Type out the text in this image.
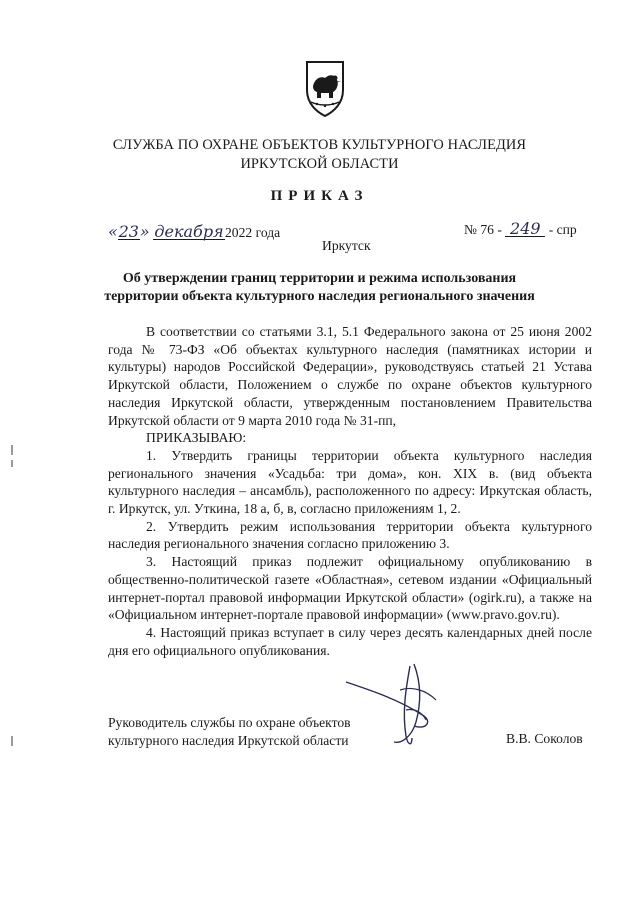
СЛУЖБА ПО ОХРАНЕ ОБЪЕКТОВ КУЛЬТУРНОГО НАСЛЕДИЯ
ИРКУТСКОЙ ОБЛАСТИ
ПРИКАЗ
«23» декабря2022 года	№ 76 - 249 - спр
Иркутск
Об утверждении границ территории и режима использования
территории объекта культурного наследия регионального значения

В соответствии со статьями 3.1, 5.1 Федерального закона от 25 июня 2002 года № 73-ФЗ «Об объектах культурного наследия (памятниках истории и культуры) народов Российской Федерации», руководствуясь статьей 21 Устава Иркутской области, Положением о службе по охране объектов культурного наследия Иркутской области, утвержденным постановлением Правительства Иркутской области от 9 марта 2010 года № 31-пп,

ПРИКАЗЫВАЮ:

1. Утвердить границы территории объекта культурного наследия регионального значения «Усадьба: три дома», кон. XIX в. (вид объекта культурного наследия – ансамбль), расположенного по адресу: Иркутская область, г. Иркутск, ул. Уткина, 18 а, б, в, согласно приложениям 1, 2.

2. Утвердить режим использования территории объекта культурного наследия регионального значения согласно приложению 3.

3. Настоящий приказ подлежит официальному опубликованию в общественно-политической газете «Областная», сетевом издании «Официальный интернет-портал правовой информации Иркутской области» (ogirk.ru), а также на «Официальном интернет-портале правовой информации» (www.pravo.gov.ru).

4. Настоящий приказ вступает в силу через десять календарных дней после дня его официального опубликования.

Руководитель службы по охране объектов
культурного наследия Иркутской области	В.В. Соколов
